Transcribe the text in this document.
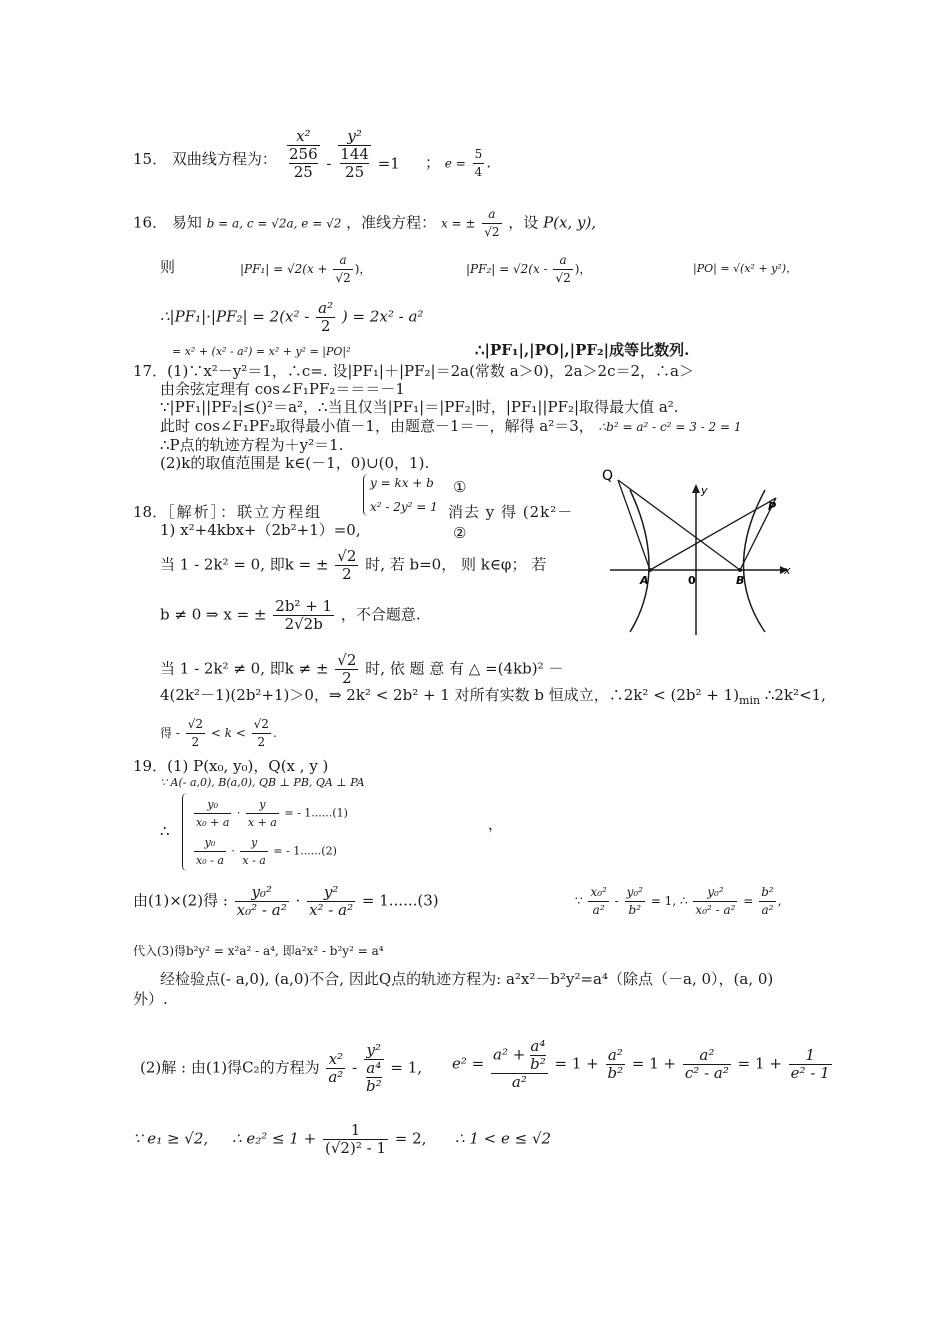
15． 双曲线方程为： x²
256
25 - y²
144
25 =1 ； $e = \frac{5}{4}$ .
16． 易知 b = a, c = √2a, e = √2 ，准线方程： x = ± $\frac{a}{√2}$ ，设 P(x, y),
则	$|PF_1| = √2(x + \frac{a}{√2}$ )，	$|PF_2| = √2(x - \frac{a}{√2}$ )，	|PO| = √(x² + y²)，
∴|PF₁|·|PF₂| = $2(x^2 - \frac{\text{a²}}{2}$ ) = 2x² - a²
= x² + (x² - a²) = x² + y² = |PO|²	∴|PF₁|,|PO|,|PF₂|成等比数列.
17．(1)∵x²－y²＝1，∴c=. 设|PF₁|＋|PF₂|＝2a(常数 a＞0)，2a＞2c＝2，∴a＞
由余弦定理有 cos∠F₁PF₂＝＝＝－1
∵|PF₁||PF₂|≤()²＝a²，∴当且仅当|PF₁|＝|PF₂|时，|PF₁||PF₂|取得最大值 a².
此时 cos∠F₁PF₂取得最小值－1，由题意－1＝－，解得 a²＝3， ∴b² = a² - c² = 3 - 2 = 1
∴P点的轨迹方程为＋y²＝1.
(2)k的取值范围是 k∈(－1，0)∪(0，1).
y = kx + b
x² - 2y² = 1
①
②
18．［解析］：联立方程组	消去 y 得 (2k²－
1) x²+4kbx+（2b²+1）=0,
当 1 - 2k² = 0, 即k = ± $\frac{√2}{2}$ 时, 若 b=0， 则 k∈φ； 若
b ≠ 0 ⇒ x = ± $\frac{\text{2b² + 1}}{2√2b}$ ，不合题意.
当 1 - 2k² ≠ 0, 即k ≠ ± $\frac{√2}{2}$ 时, 依 题 意 有 △ =(4kb)² －
4(2k²－1)(2b²+1)＞0，⇒ 2k² < 2b² + 1 对所有实数 b 恒成立，∴2k² < $(2b^2 + 1)_{min}$ ∴2k²<1,
得 - $\frac{√2}{2} < k < \frac{√2}{2}$ .
Q
P
A	0	B
x
y
19．(1) P(x₀, y₀)，Q(x , y )
∵ A(- a,0), B(a,0), QB ⊥ PB, QA ⊥ PA
∴ $\frac{\text{y₀}}{\text{x₀ + a}} \cdot \frac{y}{x + a}$ = - 1......(1)
$\frac{\text{y₀}}{\text{x₀ - a}} \cdot \frac{y}{x - a}$ = - 1......(2)
，
由(1)×(2)得 : $\frac{\text{y₀²}}{\text{x₀² - a²}} \cdot \frac{\text{y²}}{\text{x² - a²}} = 1......(3)$	∵ $\frac{\text{x₀²}}{\text{a²}} - \frac{\text{y₀²}}{\text{b²}} = 1$, ∴ $\frac{\text{y₀²}}{\text{x₀² - a²}} = \frac{\text{b²}}{\text{a²}}$ ,
代入(3)得b²y² = x²a² - a⁴, 即a²x² - b²y² = a⁴
经检验点(- a,0), (a,0)不合, 因此Q点的轨迹方程为: a²x²－b²y²=a⁴（除点（－a, 0），(a, 0)
外）.
(2)解 : 由(1)得C₂的方程为 $\frac{\text{x²}}{\text{a²}} - y^2$
a⁴
b² = 1, $e^2 = \frac{a^2 + \frac{\text{a⁴}}{\text{b²}}}{\text{a²}} = 1 + \frac{\text{a²}}{\text{b²}} = 1 + \frac{\text{a²}}{\text{c² - a²}} = 1 + \frac{1}{\text{e² - 1}}$
∵ e₁ ≥ √2, ∴ $e_2^2 \le 1 + \frac{1}{\text{(√2)² - 1}} = 2$, ∴ 1 < e ≤ √2
